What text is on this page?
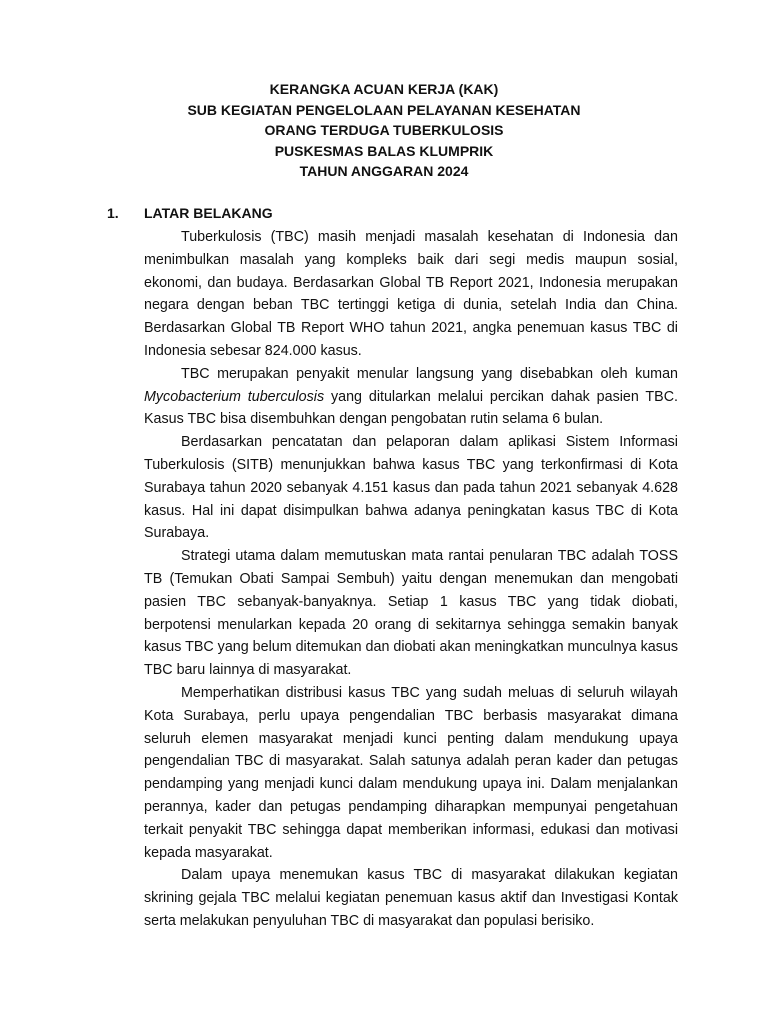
KERANGKA ACUAN KERJA (KAK)
SUB KEGIATAN PENGELOLAAN PELAYANAN KESEHATAN
ORANG TERDUGA TUBERKULOSIS
PUSKESMAS BALAS KLUMPRIK
TAHUN ANGGARAN 2024
1. LATAR BELAKANG

Tuberkulosis (TBC) masih menjadi masalah kesehatan di Indonesia dan menimbulkan masalah yang kompleks baik dari segi medis maupun sosial, ekonomi, dan budaya. Berdasarkan Global TB Report 2021, Indonesia merupakan negara dengan beban TBC tertinggi ketiga di dunia, setelah India dan China. Berdasarkan Global TB Report WHO tahun 2021, angka penemuan kasus TBC di Indonesia sebesar 824.000 kasus.

TBC merupakan penyakit menular langsung yang disebabkan oleh kuman Mycobacterium tuberculosis yang ditularkan melalui percikan dahak pasien TBC. Kasus TBC bisa disembuhkan dengan pengobatan rutin selama 6 bulan.

Berdasarkan pencatatan dan pelaporan dalam aplikasi Sistem Informasi Tuberkulosis (SITB) menunjukkan bahwa kasus TBC yang terkonfirmasi di Kota Surabaya tahun 2020 sebanyak 4.151 kasus dan pada tahun 2021 sebanyak 4.628 kasus. Hal ini dapat disimpulkan bahwa adanya peningkatan kasus TBC di Kota Surabaya.

Strategi utama dalam memutuskan mata rantai penularan TBC adalah TOSS TB (Temukan Obati Sampai Sembuh) yaitu dengan menemukan dan mengobati pasien TBC sebanyak-banyaknya. Setiap 1 kasus TBC yang tidak diobati, berpotensi menularkan kepada 20 orang di sekitarnya sehingga semakin banyak kasus TBC yang belum ditemukan dan diobati akan meningkatkan munculnya kasus TBC baru lainnya di masyarakat.

Memperhatikan distribusi kasus TBC yang sudah meluas di seluruh wilayah Kota Surabaya, perlu upaya pengendalian TBC berbasis masyarakat dimana seluruh elemen masyarakat menjadi kunci penting dalam mendukung upaya pengendalian TBC di masyarakat. Salah satunya adalah peran kader dan petugas pendamping yang menjadi kunci dalam mendukung upaya ini. Dalam menjalankan perannya, kader dan petugas pendamping diharapkan mempunyai pengetahuan terkait penyakit TBC sehingga dapat memberikan informasi, edukasi dan motivasi kepada masyarakat.

Dalam upaya menemukan kasus TBC di masyarakat dilakukan kegiatan skrining gejala TBC melalui kegiatan penemuan kasus aktif dan Investigasi Kontak serta melakukan penyuluhan TBC di masyarakat dan populasi berisiko.
